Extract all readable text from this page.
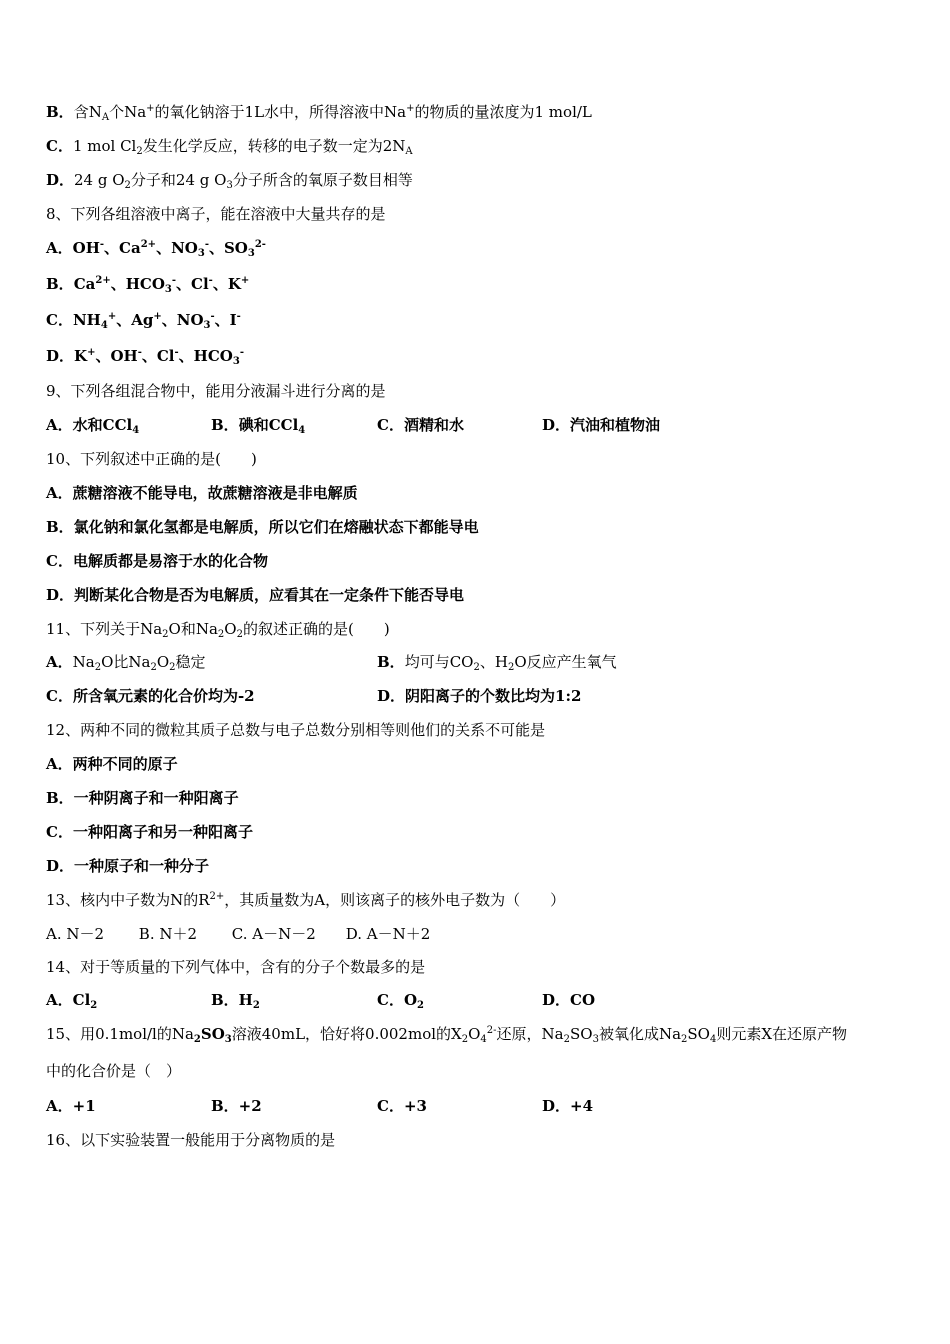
B．含$N_A$个Na+的氧化钠溶于1L水中，所得溶液中Na+的物质的量浓度为1 mol/L
C．1 mol $Cl_2$发生化学反应，转移的电子数一定为$2N_A$
D．24 g $O_2$分子和24 g $O_3$分子所含的氧原子数目相等
8、下列各组溶液中离子，能在溶液中大量共存的是
A．OH-、$Ca^{2+}$、$NO_3^-$、$SO_3^{2-}$
B．$Ca^{2+}$、$HCO_3^-$、Cl-、K+
C．$NH_4^+$、Ag+、$NO_3^-$、I-
D．K+、OH-、Cl-、$HCO_3^-$
9、下列各组混合物中，能用分液漏斗进行分离的是
A．水和CCl$_4$	B．碘和CCl$_4$	C．酒精和水	D．汽油和植物油
10、下列叙述中正确的是(　　)
A．蔗糖溶液不能导电，故蔗糖溶液是非电解质
B．氯化钠和氯化氢都是电解质，所以它们在熔融状态下都能导电
C．电解质都是易溶于水的化合物
D．判断某化合物是否为电解质，应看其在一定条件下能否导电
11、下列关于$Na_2O$和$Na_2O_2$的叙述正确的是(　　)
A．$Na_2O$比$Na_2O_2$稳定	B．均可与$CO_2$、$H_2O$反应产生氧气
C．所含氧元素的化合价均为-2	D．阴阳离子的个数比均为1:2
12、两种不同的微粒其质子总数与电子总数分别相等则他们的关系不可能是
A．两种不同的原子
B．一种阴离子和一种阳离子
C．一种阳离子和另一种阳离子
D．一种原子和一种分子
13、核内中子数为N的$R^{2+}$，其质量数为A，则该离子的核外电子数为（　　）
A. N－2　　 B. N＋2　　 C. A－N－2　　D. A－N＋2
14、对于等质量的下列气体中，含有的分子个数最多的是
A．$Cl_2$	B．$H_2$	C．$O_2$	D．CO
15、用0.1mol/l的$Na_2SO_3$溶液40mL，恰好将0.002mol的$X_2O_4^{2-}$还原，$Na_2SO_3$被氧化成$Na_2SO_4$则元素X在还原产物
中的化合价是（　）
A．+1	B．+2	C．+3	D．+4
16、以下实验装置一般能用于分离物质的是
